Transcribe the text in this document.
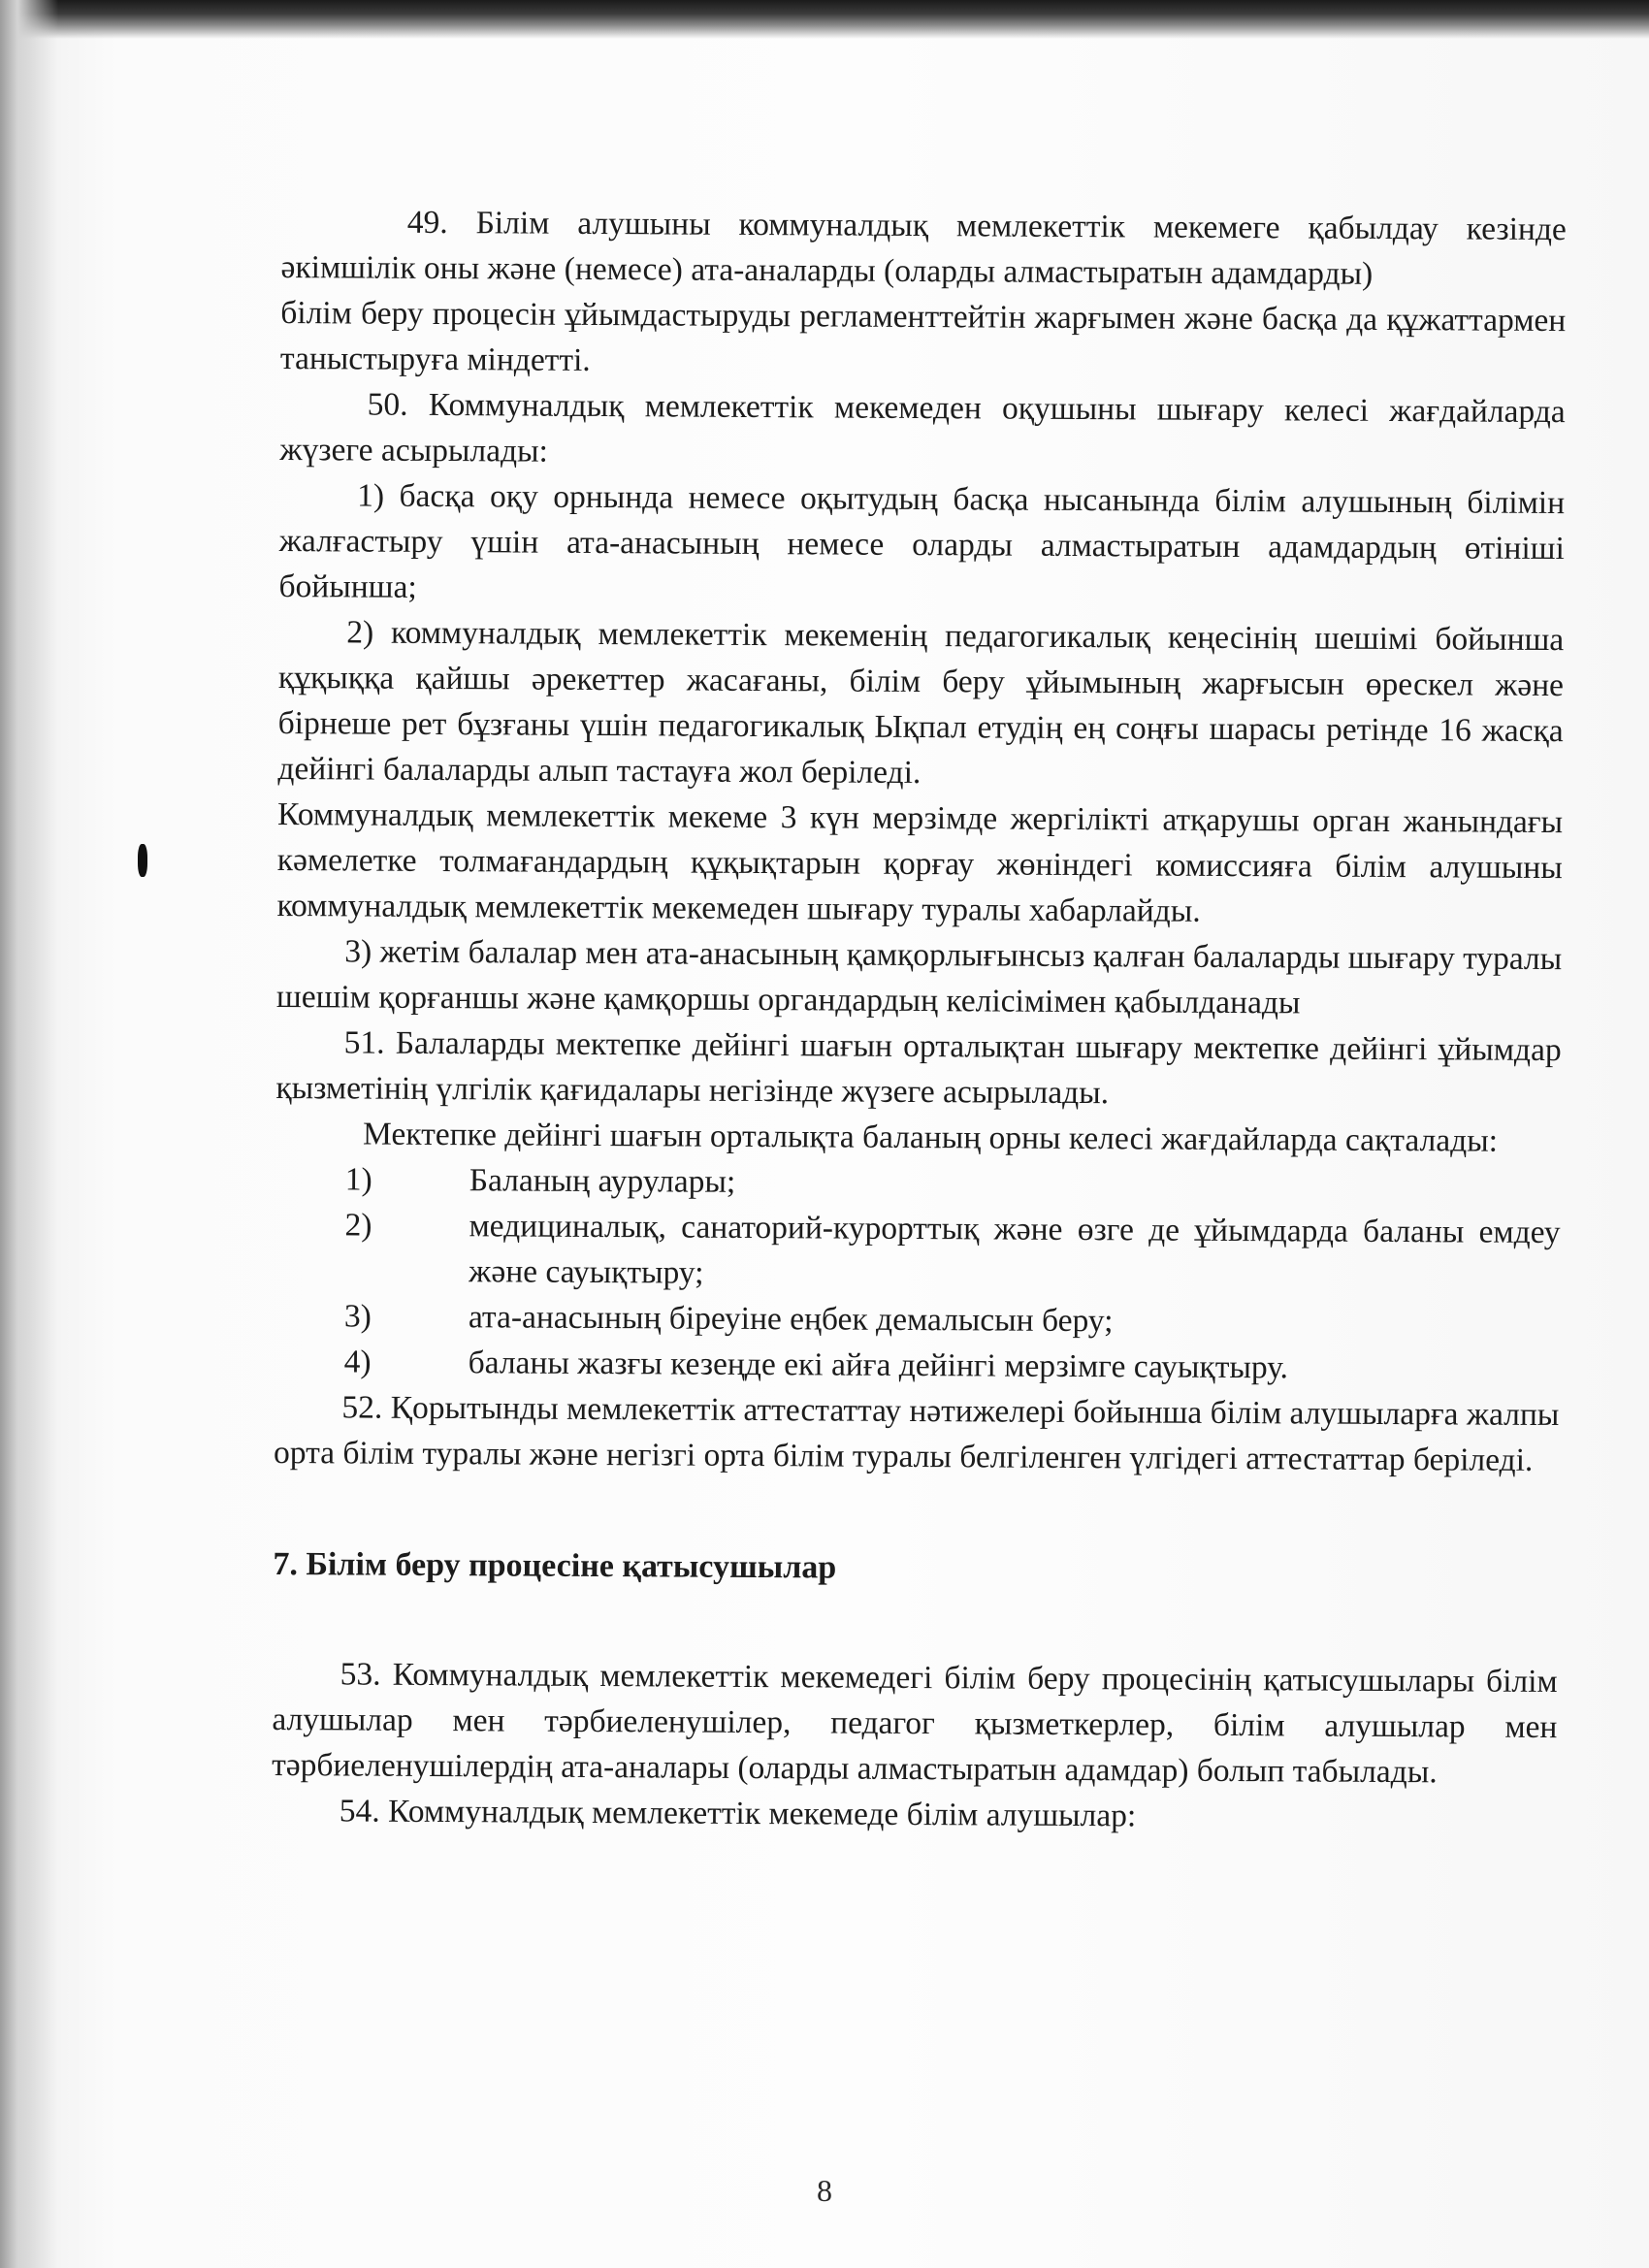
49. Білім алушыны коммуналдық мемлекеттік мекемеге қабылдау кезінде әкімшілік оны және (немесе) ата-аналарды (оларды алмастыратын адамдарды)

білім беру процесін ұйымдастыруды регламенттейтін жарғымен және басқа да құжаттармен таныстыруға міндетті.

50. Коммуналдық мемлекеттік мекемеден оқушыны шығару келесі жағдайларда жүзеге асырылады:

1) басқа оқу орнында немесе оқытудың басқа нысанында білім алушының білімін жалғастыру үшін ата-анасының немесе оларды алмастыратын адамдардың өтініші бойынша;

2) коммуналдық мемлекеттік мекеменің педагогикалық кеңесінің шешімі бойынша құқыққа қайшы әрекеттер жасағаны, білім беру ұйымының жарғысын өрескел және бірнеше рет бұзғаны үшін педагогикалық Ықпал етудің ең соңғы шарасы ретінде 16 жасқа дейінгі балаларды алып тастауға жол беріледі.

Коммуналдық мемлекеттік мекеме 3 күн мерзімде жергілікті атқарушы орган жанындағы кәмелетке толмағандардың құқықтарын қорғау жөніндегі комиссияға білім алушыны коммуналдық мемлекеттік мекемеден шығару туралы хабарлайды.

3) жетім балалар мен ата-анасының қамқорлығынсыз қалған балаларды шығару туралы шешім қорғаншы және қамқоршы органдардың келісімімен қабылданады

51. Балаларды мектепке дейінгі шағын орталықтан шығару мектепке дейінгі ұйымдар қызметінің үлгілік қағидалары негізінде жүзеге асырылады.

Мектепке дейінгі шағын орталықта баланың орны келесі жағдайларда сақталады:

1)	Баланың аурулары;
2)	медициналық, санаторий-курорттық және өзге де ұйымдарда баланы емдеу және сауықтыру;
3)	ата-анасының біреуіне еңбек демалысын беру;
4)	баланы жазғы кезеңде екі айға дейінгі мерзімге сауықтыру.

52. Қорытынды мемлекеттік аттестаттау нәтижелері бойынша білім алушыларға жалпы орта білім туралы және негізгі орта білім туралы белгіленген үлгідегі аттестаттар беріледі.

7. Білім беру процесіне қатысушылар

53. Коммуналдық мемлекеттік мекемедегі білім беру процесінің қатысушылары білім алушылар мен тәрбиеленушілер, педагог қызметкерлер, білім алушылар мен тәрбиеленушілердің ата-аналары (оларды алмастыратын адамдар) болып табылады.

54. Коммуналдық мемлекеттік мекемеде білім алушылар:

8
